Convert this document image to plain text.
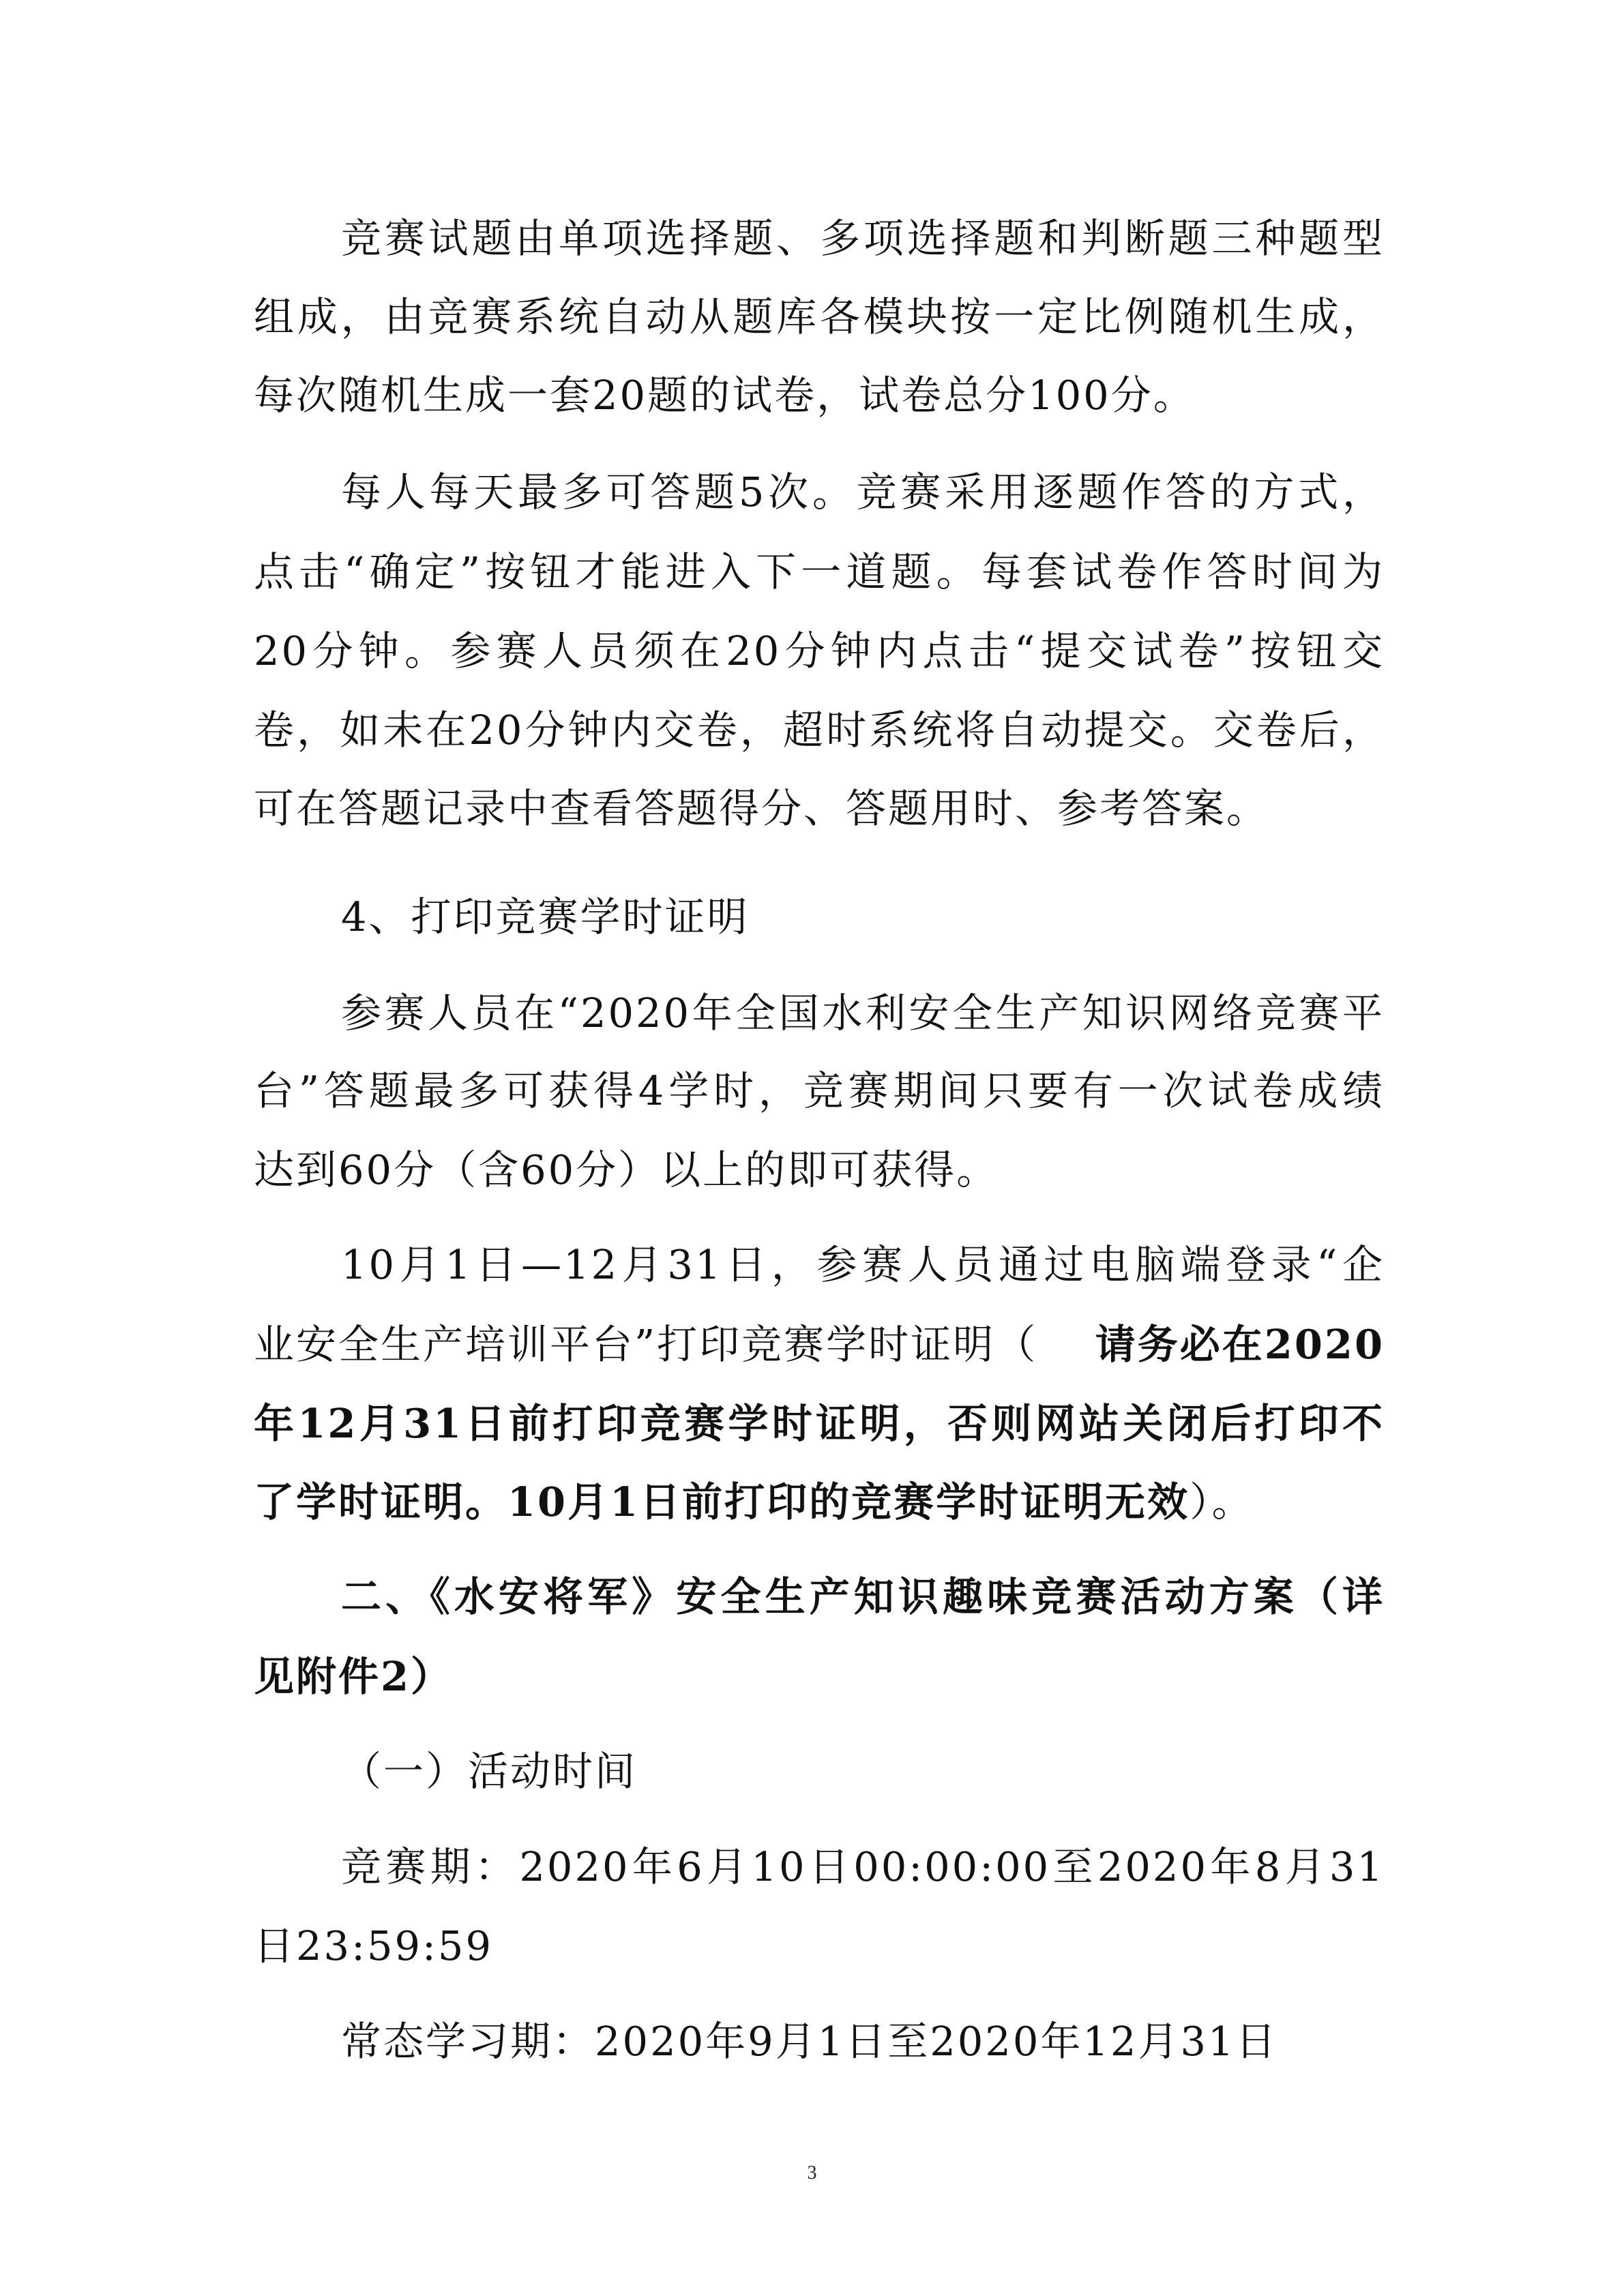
竞赛试题由单项选择题、多项选择题和判断题三种题型
组成，由竞赛系统自动从题库各模块按一定比例随机生成，
每次随机生成一套20题的试卷，试卷总分100分。
每人每天最多可答题5次。竞赛采用逐题作答的方式，
点击“确定”按钮才能进入下一道题。每套试卷作答时间为
20分钟。参赛人员须在20分钟内点击“提交试卷”按钮交
卷，如未在20分钟内交卷，超时系统将自动提交。交卷后，
可在答题记录中查看答题得分、答题用时、参考答案。
4、打印竞赛学时证明
参赛人员在“2020年全国水利安全生产知识网络竞赛平
台”答题最多可获得4学时，竞赛期间只要有一次试卷成绩
达到60分（含60分）以上的即可获得。
10月1日—12月31日，参赛人员通过电脑端登录“企
业安全生产培训平台”打印竞赛学时证明（ 请务必在2020
年12月31日前打印竞赛学时证明，否则网站关闭后打印不
了学时证明。10月1日前打印的竞赛学时证明无效）。
二、《水安将军》安全生产知识趣味竞赛活动方案（详
见附件2）
（一）活动时间
竞赛期：2020年6月10日00:00:00至2020年8月31
日23:59:59
常态学习期：2020年9月1日至2020年12月31日
3
